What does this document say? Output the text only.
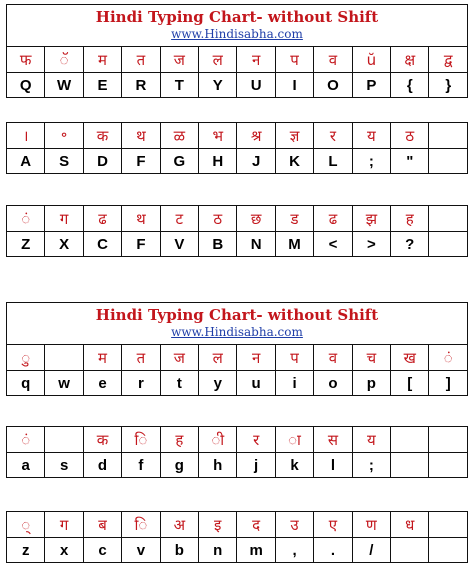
Hindi Typing Chart- without Shift
www.Hindisabha.com
फ	ॅ	म	त	ज	ल	न	प	व	ŭ	क्ष	द्व
Q	W	E	R	T	Y	U	I	O	P	{	}
।	॰	क	थ	ळ	भ	श्र	ज्ञ	र	य	ठ	
A	S	D	F	G	H	J	K	L	;	"	
ं	ग	ढ	थ	ट	ठ	छ	ड	ढ	झ	ह	
Z	X	C	F	V	B	N	M	<	>	?	
Hindi Typing Chart- without Shift
www.Hindisabha.com
ु		म	त	ज	ल	न	प	व	च	ख	ं
q	w	e	r	t	y	u	i	o	p	[	]
ं		क	ि	ह	ी	र	ा	स	य		
a	s	d	f	g	h	j	k	l	;		
्	ग	ब	ि	अ	इ	द	उ	ए	ण	ध	
z	x	c	v	b	n	m	,	.	/		
